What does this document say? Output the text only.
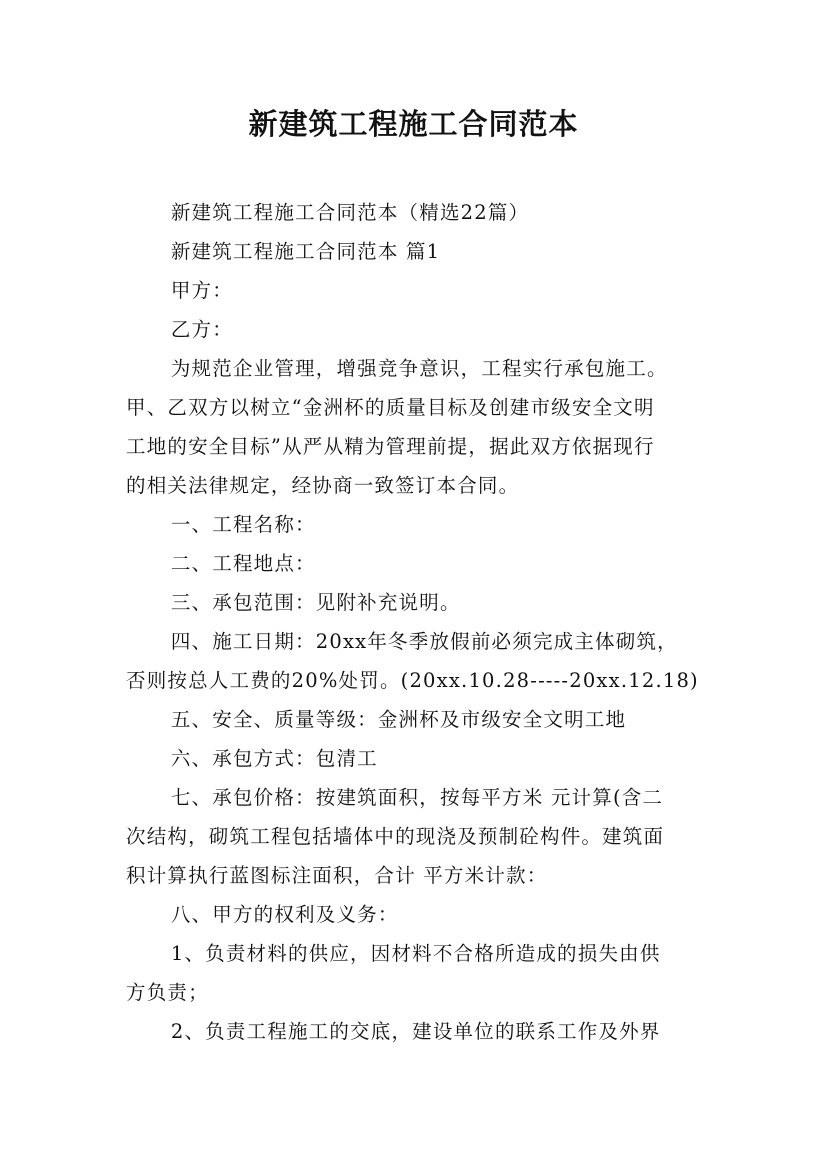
新建筑工程施工合同范本

新建筑工程施工合同范本（精选22篇）

新建筑工程施工合同范本 篇1

甲方：

乙方：

为规范企业管理，增强竞争意识，工程实行承包施工。
甲、乙双方以树立“金洲杯的质量目标及创建市级安全文明
工地的安全目标”从严从精为管理前提，据此双方依据现行
的相关法律规定，经协商一致签订本合同。

一、工程名称：

二、工程地点：

三、承包范围：见附补充说明。

四、施工日期：20xx年冬季放假前必须完成主体砌筑，
否则按总人工费的20%处罚。(20xx.10.28-----20xx.12.18)

五、安全、质量等级：金洲杯及市级安全文明工地

六、承包方式：包清工

七、承包价格：按建筑面积，按每平方米 元计算(含二
次结构，砌筑工程包括墙体中的现浇及预制砼构件。建筑面
积计算执行蓝图标注面积，合计 平方米计款：

八、甲方的权利及义务：

1、负责材料的供应，因材料不合格所造成的损失由供
方负责；
2、负责工程施工的交底，建设单位的联系工作及外界
